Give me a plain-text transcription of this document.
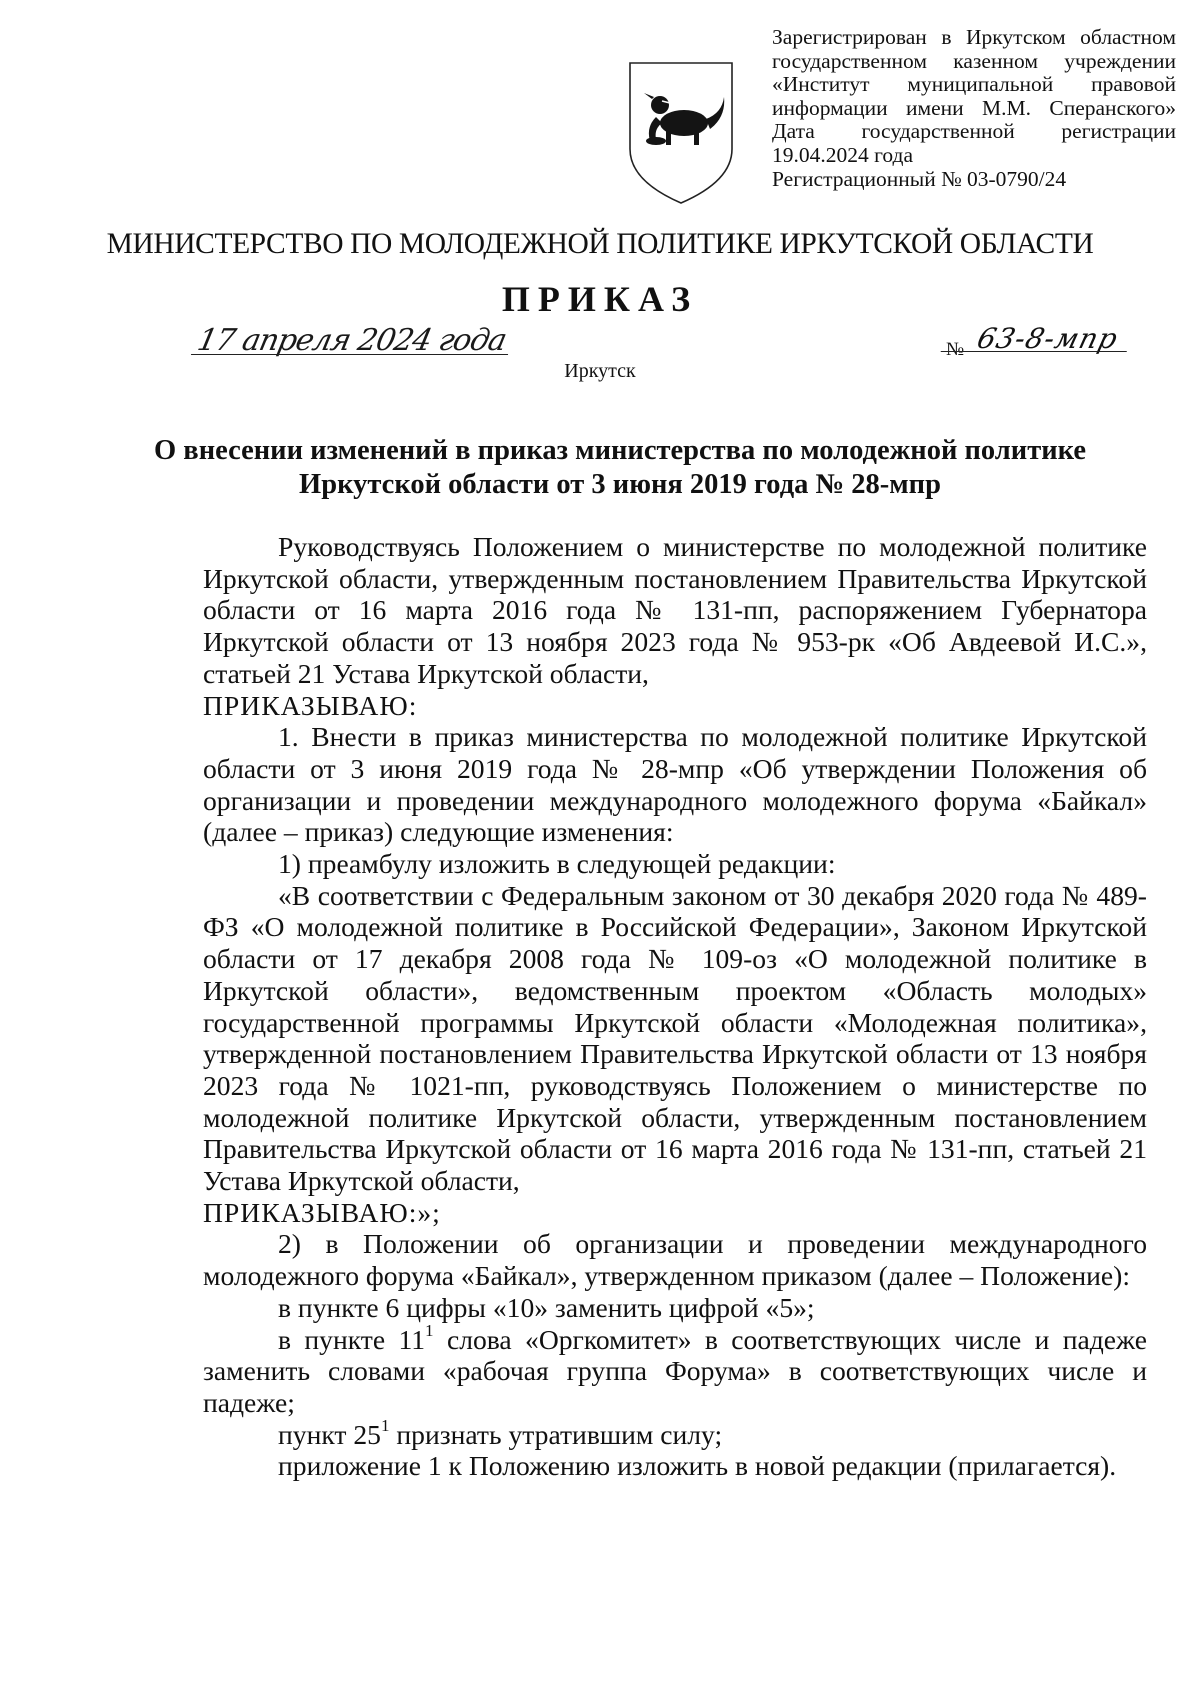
Зарегистрирован в Иркутском областном
государственном казенном учреждении
«Институт муниципальной правовой
информации имени М.М. Сперанского»
Дата государственной регистрации
19.04.2024 года
Регистрационный № 03-0790/24
МИНИСТЕРСТВО ПО МОЛОДЕЖНОЙ ПОЛИТИКЕ ИРКУТСКОЙ ОБЛАСТИ
ПРИКАЗ
17 апреля 2024 года	№ 63-8-мпр
Иркутск
О внесении изменений в приказ министерства по молодежной политике
Иркутской области от 3 июня 2019 года № 28-мпр

Руководствуясь Положением о министерстве по молодежной политике Иркутской области, утвержденным постановлением Правительства Иркутской области от 16 марта 2016 года № 131-пп, распоряжением Губернатора Иркутской области от 13 ноября 2023 года № 953-рк «Об Авдеевой И.С.», статьей 21 Устава Иркутской области,

ПРИКАЗЫВАЮ:

1. Внести в приказ министерства по молодежной политике Иркутской области от 3 июня 2019 года № 28-мпр «Об утверждении Положения об организации и проведении международного молодежного форума «Байкал» (далее – приказ) следующие изменения:

1) преамбулу изложить в следующей редакции:

«В соответствии с Федеральным законом от 30 декабря 2020 года № 489-ФЗ «О молодежной политике в Российской Федерации», Законом Иркутской области от 17 декабря 2008 года № 109-оз «О молодежной политике в Иркутской области», ведомственным проектом «Область молодых» государственной программы Иркутской области «Молодежная политика», утвержденной постановлением Правительства Иркутской области от 13 ноября 2023 года № 1021-пп, руководствуясь Положением о министерстве по молодежной политике Иркутской области, утвержденным постановлением Правительства Иркутской области от 16 марта 2016 года № 131-пп, статьей 21 Устава Иркутской области,

ПРИКАЗЫВАЮ:»;

2) в Положении об организации и проведении международного молодежного форума «Байкал», утвержденном приказом (далее – Положение):

в пункте 6 цифры «10» заменить цифрой «5»;

в пункте $11^1$ слова «Оргкомитет» в соответствующих числе и падеже заменить словами «рабочая группа Форума» в соответствующих числе и падеже;

пункт $25^1$ признать утратившим силу;

приложение 1 к Положению изложить в новой редакции (прилагается).
